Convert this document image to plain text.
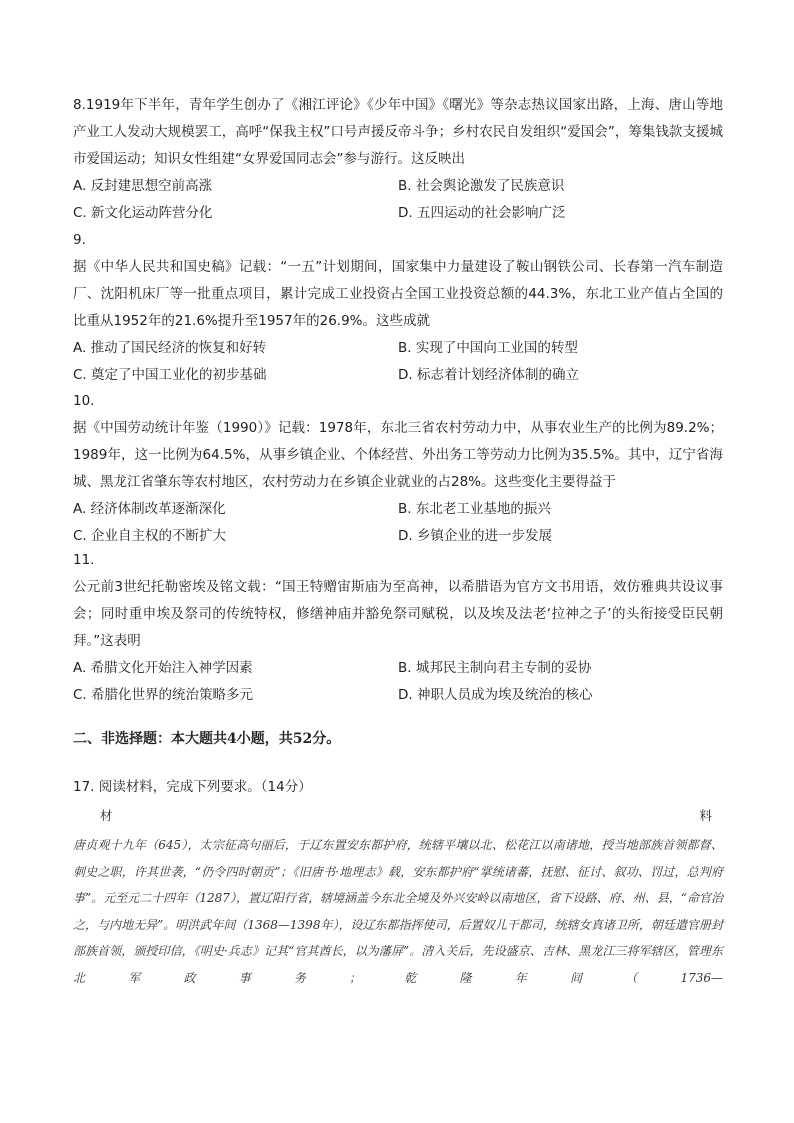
8.1919年下半年，青年学生创办了《湘江评论》《少年中国》《曙光》等杂志热议国家出路，上海、唐山等地产业工人发动大规模罢工，高呼“保我主权”口号声援反帝斗争；乡村农民自发组织“爱国会”，筹集钱款支援城市爱国运动；知识女性组建“女界爱国同志会”参与游行。这反映出
A. 反封建思想空前高涨	B. 社会舆论激发了民族意识
C. 新文化运动阵营分化	D. 五四运动的社会影响广泛
9.
据《中华人民共和国史稿》记载：“一五”计划期间，国家集中力量建设了鞍山钢铁公司、长春第一汽车制造厂、沈阳机床厂等一批重点项目，累计完成工业投资占全国工业投资总额的44.3%，东北工业产值占全国的比重从1952年的21.6%提升至1957年的26.9%。这些成就
A. 推动了国民经济的恢复和好转	B. 实现了中国向工业国的转型
C. 奠定了中国工业化的初步基础	D. 标志着计划经济体制的确立
10.
据《中国劳动统计年鉴（1990）》记载：1978年，东北三省农村劳动力中，从事农业生产的比例为89.2%；1989年，这一比例为64.5%，从事乡镇企业、个体经营、外出务工等劳动力比例为35.5%。其中，辽宁省海城、黑龙江省肇东等农村地区，农村劳动力在乡镇企业就业的占28%。这些变化主要得益于
A. 经济体制改革逐渐深化	B. 东北老工业基地的振兴
C. 企业自主权的不断扩大	D. 乡镇企业的进一步发展
11.
公元前3世纪托勒密埃及铭文载：“国王特赠宙斯庙为至高神，以希腊语为官方文书用语，效仿雅典共设议事会；同时重申埃及祭司的传统特权，修缮神庙并豁免祭司赋税，以及埃及法老‘拉神之子’的头衔接受臣民朝拜。”这表明
A. 希腊文化开始注入神学因素	B. 城邦民主制向君主专制的妥协
C. 希腊化世界的统治策略多元	D. 神职人员成为埃及统治的核心
二、非选择题：本大题共4小题，共52分。
17. 阅读材料，完成下列要求。（14分）
材	料
唐贞观十九年（645），太宗征高句丽后，于辽东置安东都护府，统辖平壤以北、松花江以南诸地，授当地部族首领都督、刺史之职，许其世袭，“仍令四时朝贡”；《旧唐书·地理志》载，安东都护府“掌统诸蕃，抚慰、征讨、叙功、罚过，总判府事”。元至元二十四年（1287），置辽阳行省，辖境涵盖今东北全境及外兴安岭以南地区，省下设路、府、州、县，“命官治之，与内地无异”。明洪武年间（1368—1398年），设辽东都指挥使司，后置奴儿干都司，统辖女真诸卫所，朝廷遣官册封部族首领，颁授印信，《明史·兵志》记其“官其酋长，以为藩屏”。清入关后，先设盛京、吉林、黑龙江三将军辖区，管理东北军政事务；乾隆年间（1736—
